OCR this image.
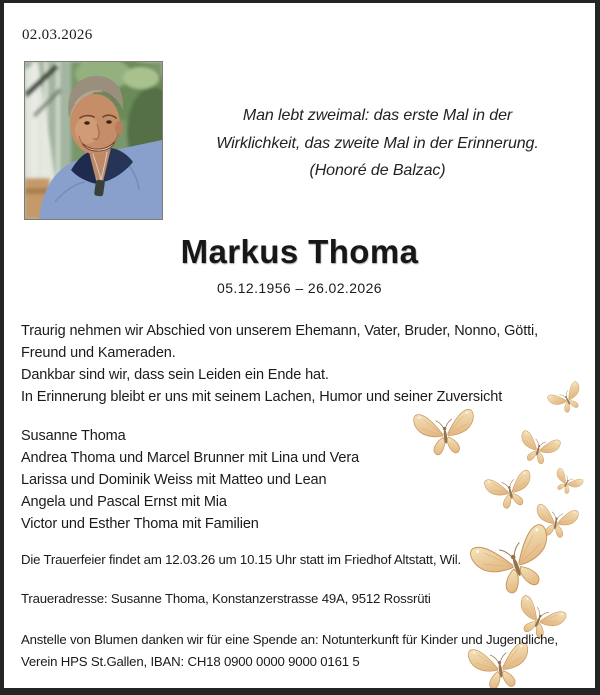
02.03.2026
Man lebt zweimal: das erste Mal in der
Wirklichkeit, das zweite Mal in der Erinnerung.
(Honoré de Balzac)
Markus Thoma
05.12.1956 – 26.02.2026
Traurig nehmen wir Abschied von unserem Ehemann, Vater, Bruder, Nonno, Götti,
Freund und Kameraden.
Dankbar sind wir, dass sein Leiden ein Ende hat.
In Erinnerung bleibt er uns mit seinem Lachen, Humor und seiner Zuversicht
Susanne Thoma
Andrea Thoma und Marcel Brunner mit Lina und Vera
Larissa und Dominik Weiss mit Matteo und Lean
Angela und Pascal Ernst mit Mia
Victor und Esther Thoma mit Familien
Die Trauerfeier findet am 12.03.26 um 10.15 Uhr statt im Friedhof Altstatt, Wil.
Traueradresse: Susanne Thoma, Konstanzerstrasse 49A, 9512 Rossrüti
Anstelle von Blumen danken wir für eine Spende an: Notunterkunft für Kinder und Jugendliche,
Verein HPS St.Gallen, IBAN: CH18 0900 0000 9000 0161 5
